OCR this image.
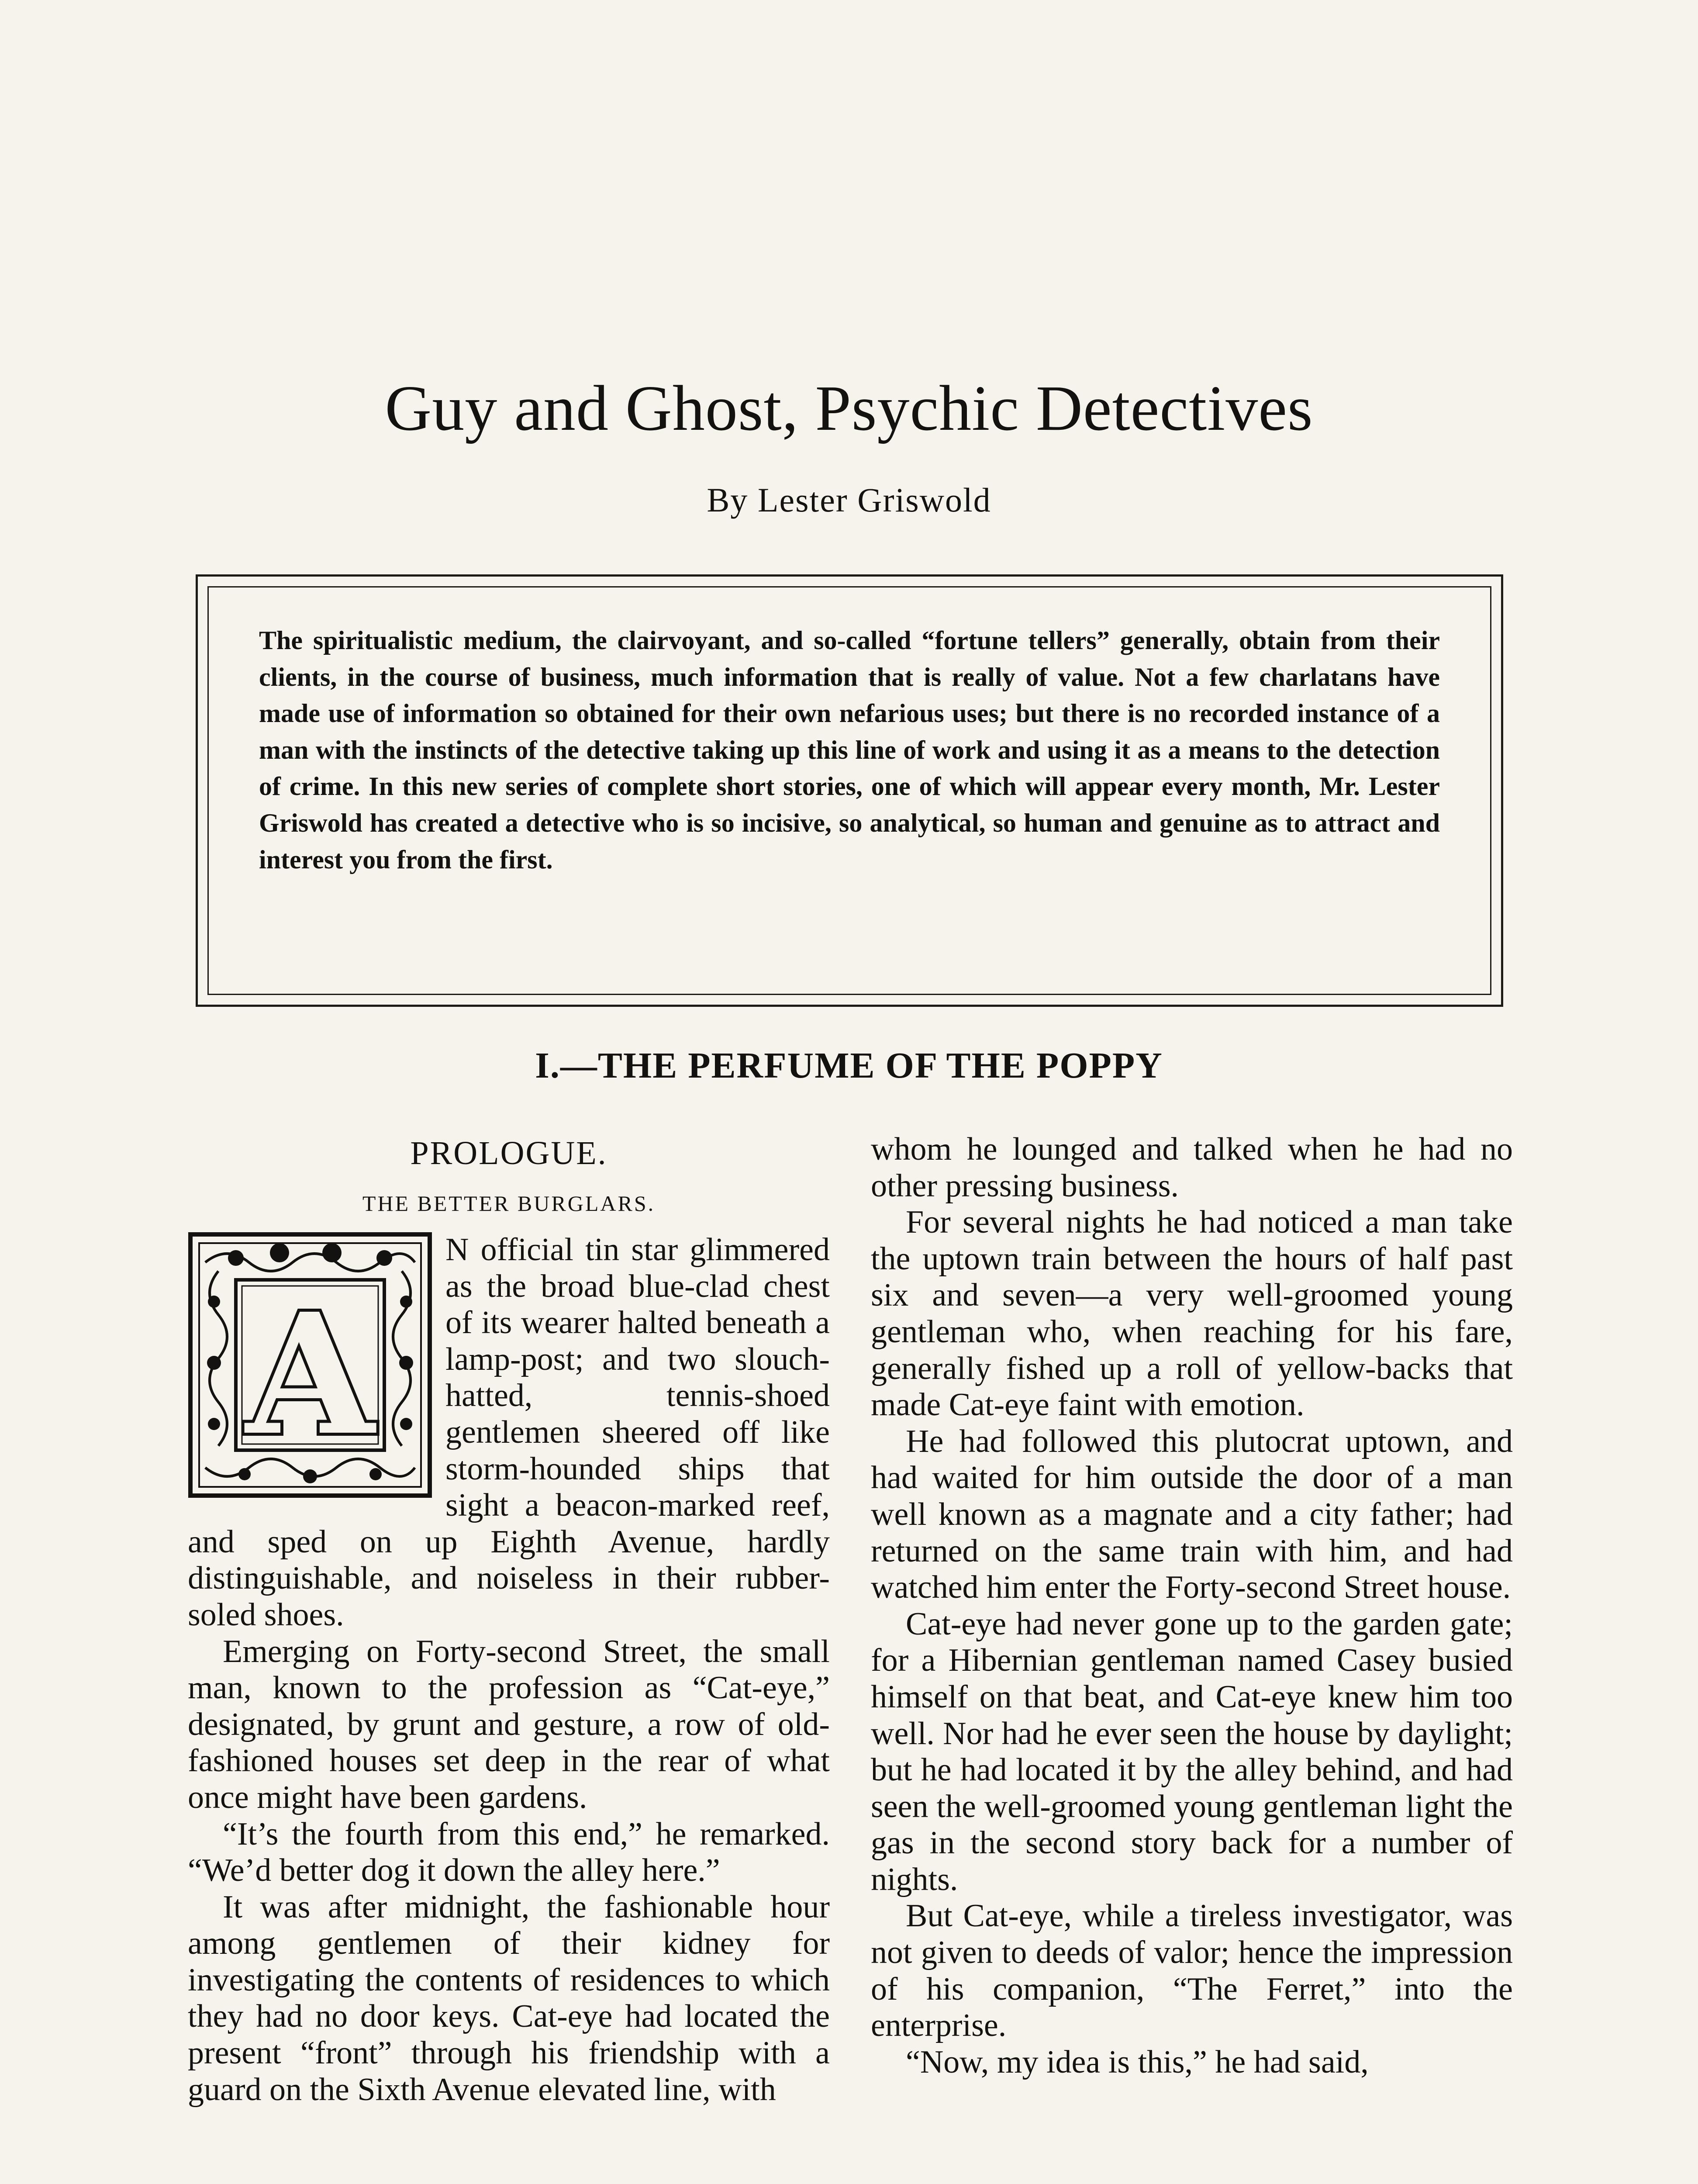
Guy and Ghost, Psychic Detectives
By Lester Griswold

The spiritualistic medium, the clairvoyant, and so-called “fortune tellers” generally, obtain from their clients, in the course of business, much information that is really of value. Not a few charlatans have made use of information so obtained for their own nefarious uses; but there is no recorded instance of a man with the instincts of the detective taking up this line of work and using it as a means to the detection of crime. In this new series of complete short stories, one of which will appear every month, Mr. Lester Griswold has created a detective who is so incisive, so analytical, so human and genuine as to attract and interest you from the first.

I.—THE PERFUME OF THE POPPY
PROLOGUE.
THE BETTER BURGLARS.
A

N official tin star glimmered as the broad blue-clad chest of its wearer halted beneath a lamp-post; and two slouch-hatted, tennis-shoed gentlemen sheered off like storm-hounded ships that sight a beacon-marked reef, and sped on up Eighth Avenue, hardly distinguishable, and noiseless in their rubber-soled shoes.

Emerging on Forty-second Street, the small man, known to the profession as “Cat-eye,” designated, by grunt and gesture, a row of old-fashioned houses set deep in the rear of what once might have been gardens.

“It’s the fourth from this end,” he remarked. “We’d better dog it down the alley here.”

It was after midnight, the fashionable hour among gentlemen of their kidney for investigating the contents of residences to which they had no door keys. Cat-eye had located the present “front” through his friendship with a guard on the Sixth Avenue elevated line, with

whom he lounged and talked when he had no other pressing business.

For several nights he had noticed a man take the uptown train between the hours of half past six and seven—a very well-groomed young gentleman who, when reaching for his fare, generally fished up a roll of yellow-backs that made Cat-eye faint with emotion.

He had followed this plutocrat uptown, and had waited for him outside the door of a man well known as a magnate and a city father; had returned on the same train with him, and had watched him enter the Forty-second Street house.

Cat-eye had never gone up to the garden gate; for a Hibernian gentleman named Casey busied himself on that beat, and Cat-eye knew him too well. Nor had he ever seen the house by daylight; but he had located it by the alley behind, and had seen the well-groomed young gentleman light the gas in the second story back for a number of nights.

But Cat-eye, while a tireless investigator, was not given to deeds of valor; hence the impression of his companion, “The Ferret,” into the enterprise.

“Now, my idea is this,” he had said,
